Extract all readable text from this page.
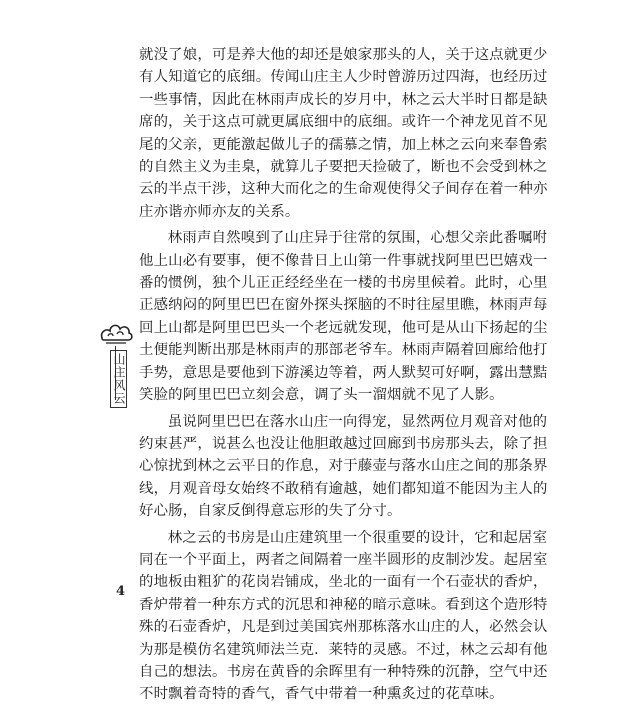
就没了娘，可是养大他的却还是娘家那头的人，关于这点就更少
有人知道它的底细。传闻山庄主人少时曾游历过四海，也经历过
一些事情，因此在林雨声成长的岁月中，林之云大半时日都是缺
席的，关于这点可就更属底细中的底细。或许一个神龙见首不见
尾的父亲，更能激起做儿子的孺慕之情，加上林之云向来奉鲁索
的自然主义为圭臬，就算儿子要把天捡破了，断也不会受到林之
云的半点干涉，这种大而化之的生命观使得父子间存在着一种亦
庄亦谐亦师亦友的关系。

林雨声自然嗅到了山庄异于往常的氛围，心想父亲此番嘱咐
他上山必有要事，便不像昔日上山第一件事就找阿里巴巴嬉戏一
番的惯例，独个儿正正经经坐在一楼的书房里候着。此时，心里
正感纳闷的阿里巴巴在窗外探头探脑的不时往屋里瞧，林雨声每
回上山都是阿里巴巴头一个老远就发现，他可是从山下扬起的尘
土便能判断出那是林雨声的那部老爷车。林雨声隔着回廊给他打
手势，意思是要他到下游溪边等着，两人默契可好啊，露出慧黠
笑脸的阿里巴巴立刻会意，调了头一溜烟就不见了人影。

虽说阿里巴巴在落水山庄一向得宠，显然两位月观音对他的
约束甚严，说甚么也没让他胆敢越过回廊到书房那头去，除了担
心惊扰到林之云平日的作息，对于藤壶与落水山庄之间的那条界
线，月观音母女始终不敢稍有逾越，她们都知道不能因为主人的
好心肠，自家反倒得意忘形的失了分寸。

林之云的书房是山庄建筑里一个很重要的设计，它和起居室
同在一个平面上，两者之间隔着一座半圆形的皮制沙发。起居室
的地板由粗犷的花岗岩铺成，坐北的一面有一个石壶状的香炉，
香炉带着一种东方式的沉思和神秘的暗示意味。看到这个造形特
殊的石壶香炉，凡是到过美国宾州那栋落水山庄的人，必然会认
为那是模仿名建筑师法兰克．莱特的灵感。不过，林之云却有他
自己的想法。书房在黄昏的余晖里有一种特殊的沉静，空气中还
不时飘着奇特的香气，香气中带着一种熏炙过的花草味。

山庄风云
4
